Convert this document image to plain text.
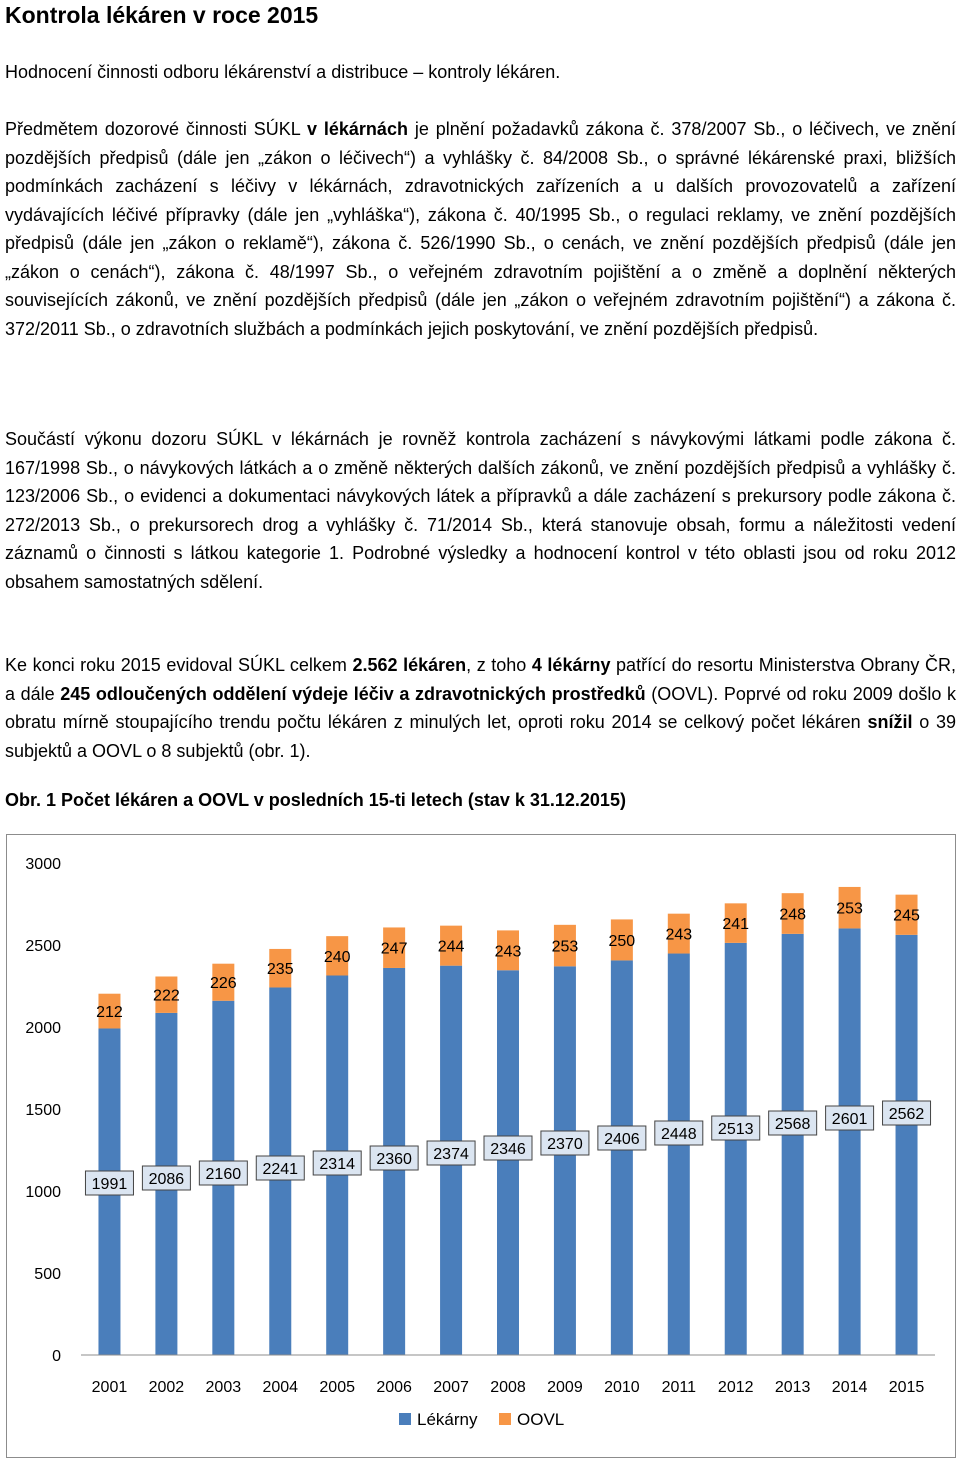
Kontrola lékáren v roce 2015
Hodnocení činnosti odboru lékárenství a distribuce – kontroly lékáren.
Předmětem dozorové činnosti SÚKL v lékárnách je plnění požadavků zákona č. 378/2007 Sb., o léčivech, ve znění pozdějších předpisů (dále jen „zákon o léčivech“) a vyhlášky č. 84/2008 Sb., o správné lékárenské praxi, bližších podmínkách zacházení s léčivy v lékárnách, zdravotnických zařízeních a u dalších provozovatelů a zařízení vydávajících léčivé přípravky (dále jen „vyhláška“), zákona č. 40/1995 Sb., o regulaci reklamy, ve znění pozdějších předpisů (dále jen „zákon o reklamě“), zákona č. 526/1990 Sb., o cenách, ve znění pozdějších předpisů (dále jen „zákon o cenách“), zákona č. 48/1997 Sb., o veřejném zdravotním pojištění a o změně a doplnění některých souvisejících zákonů, ve znění pozdějších předpisů (dále jen „zákon o veřejném zdravotním pojištění“) a zákona č. 372/2011 Sb., o zdravotních službách a podmínkách jejich poskytování, ve znění pozdějších předpisů.
Součástí výkonu dozoru SÚKL v lékárnách je rovněž kontrola zacházení s návykovými látkami podle zákona č. 167/1998 Sb., o návykových látkách a o změně některých dalších zákonů, ve znění pozdějších předpisů a vyhlášky č. 123/2006 Sb., o evidenci a dokumentaci návykových látek a přípravků a dále zacházení s prekursory podle zákona č. 272/2013 Sb., o prekursorech drog a vyhlášky č. 71/2014 Sb., která stanovuje obsah, formu a náležitosti vedení záznamů o činnosti s látkou kategorie 1. Podrobné výsledky a hodnocení kontrol v této oblasti jsou od roku 2012 obsahem samostatných sdělení.
Ke konci roku 2015 evidoval SÚKL celkem 2.562 lékáren, z toho 4 lékárny patřící do resortu Ministerstva Obrany ČR, a dále 245 odloučených oddělení výdeje léčiv a zdravotnických prostředků (OOVL). Poprvé od roku 2009 došlo k obratu mírně stoupajícího trendu počtu lékáren z minulých let, oproti roku 2014 se celkový počet lékáren snížil o 39 subjektů a OOVL o 8 subjektů (obr. 1).
Obr. 1 Počet lékáren a OOVL v posledních 15-ti letech (stav k 31.12.2015)
0
500
1000
1500
2000
2500
3000
1991
212
2086
222
2160
226
2241
235
2314
240
2360
247
2374
244
2346
243
2370
253
2406
250
2448
243
2513
241
2568
248
2601
253
2562
245
2001 2002 2003 2004 2005 2006 2007 2008 2009 2010 2011 2012 2013 2014 2015
Lékárny OOVL
